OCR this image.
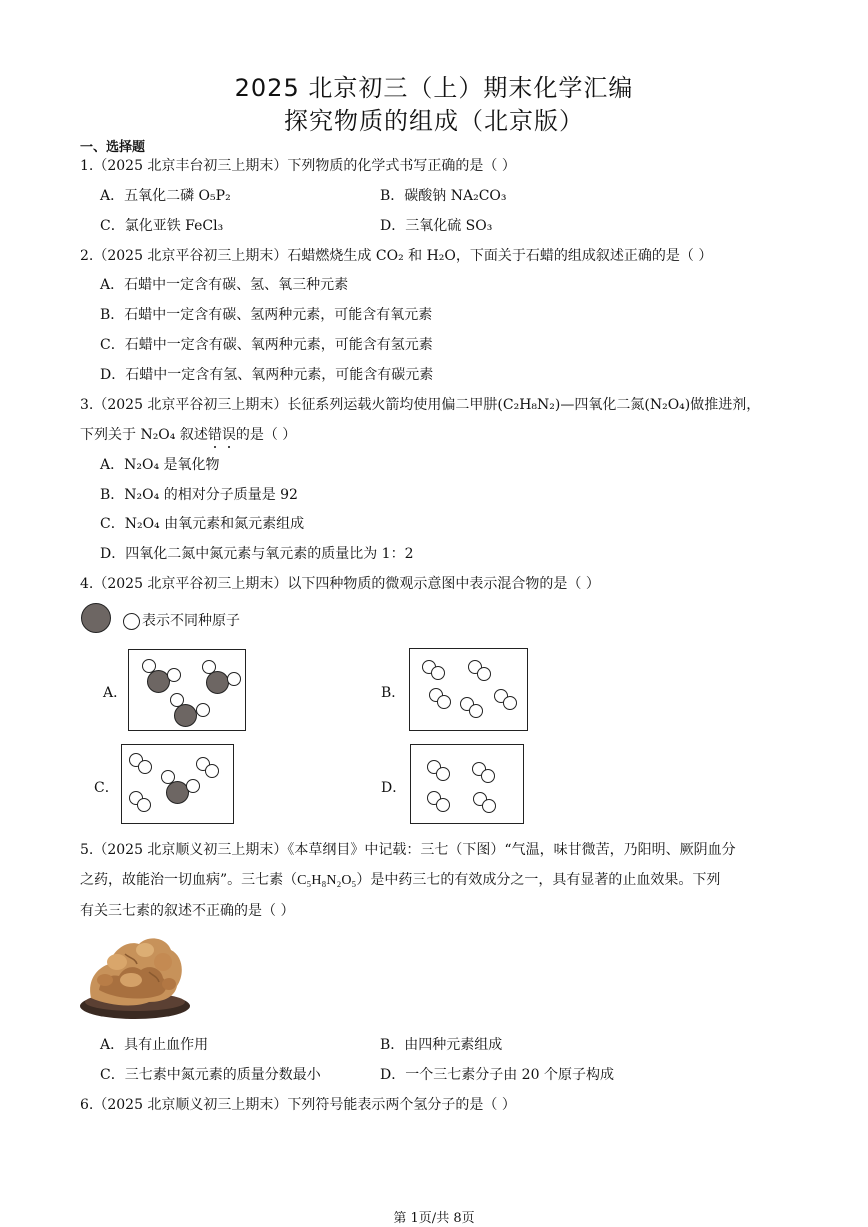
2025 北京初三（上）期末化学汇编
探究物质的组成（北京版）
一、选择题
1.（2025 北京丰台初三上期末）下列物质的化学式书写正确的是（ ）
A．五氧化二磷 O₅P₂	B．碳酸钠 NA₂CO₃
C．氯化亚铁 FeCl₃	D．三氧化硫 SO₃
2.（2025 北京平谷初三上期末）石蜡燃烧生成 CO₂ 和 H₂O，下面关于石蜡的组成叙述正确的是（ ）
A．石蜡中一定含有碳、氢、氧三种元素
B．石蜡中一定含有碳、氢两种元素，可能含有氧元素
C．石蜡中一定含有碳、氧两种元素，可能含有氢元素
D．石蜡中一定含有氢、氧两种元素，可能含有碳元素
3.（2025 北京平谷初三上期末）长征系列运载火箭均使用偏二甲肼(C₂H₈N₂)—四氧化二氮(N₂O₄)做推进剂，
下列关于 N₂O₄ 叙述错误的是（ ）
A．N₂O₄ 是氧化物
B．N₂O₄ 的相对分子质量是 92
C．N₂O₄ 由氧元素和氮元素组成
D．四氧化二氮中氮元素与氧元素的质量比为 1：2
4.（2025 北京平谷初三上期末）以下四种物质的微观示意图中表示混合物的是（ ）
表示不同种原子
A．	B．
C．	D．
5.（2025 北京顺义初三上期末）《本草纲目》中记载：三七（下图）“气温，味甘微苦，乃阳明、厥阴血分
之药，故能治一切血病”。三七素（C₅H₈N₂O₅）是中药三七的有效成分之一，具有显著的止血效果。下列
有关三七素的叙述不正确的是（ ）
A．具有止血作用	B．由四种元素组成
C．三七素中氮元素的质量分数最小	D．一个三七素分子由 20 个原子构成
6.（2025 北京顺义初三上期末）下列符号能表示两个氢分子的是（ ）
第 1页/共 8页
